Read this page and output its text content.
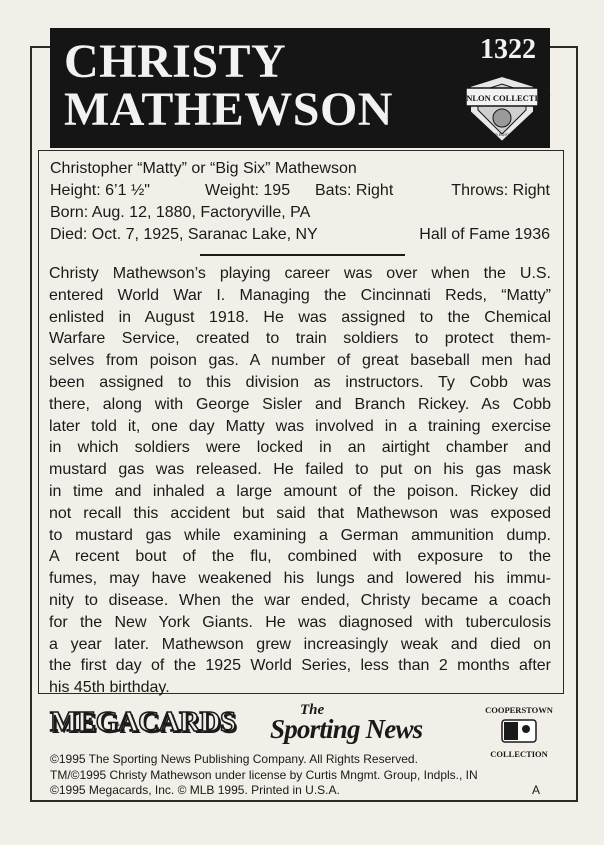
CHRISTY
MATHEWSON
1322
CONLON COLLECTION
1995 EDITION
Christopher “Matty” or “Big Six” Mathewson
Height: 6’1 ½"	Weight: 195 Bats: Right	Throws: Right
Born: Aug. 12, 1880, Factoryville, PA
Died: Oct. 7, 1925, Saranac Lake, NY	Hall of Fame 1936
Christy Mathewson’s playing career was over when the U.S.
entered World War I. Managing the Cincinnati Reds, “Matty”
enlisted in August 1918. He was assigned to the Chemical
Warfare Service, created to train soldiers to protect them-
selves from poison gas. A number of great baseball men had
been assigned to this division as instructors. Ty Cobb was
there, along with George Sisler and Branch Rickey. As Cobb
later told it, one day Matty was involved in a training exercise
in which soldiers were locked in an airtight chamber and
mustard gas was released. He failed to put on his gas mask
in time and inhaled a large amount of the poison. Rickey did
not recall this accident but said that Mathewson was exposed
to mustard gas while examining a German ammunition dump.
A recent bout of the flu, combined with exposure to the
fumes, may have weakened his lungs and lowered his immu-
nity to disease. When the war ended, Christy became a coach
for the New York Giants. He was diagnosed with tuberculosis
a year later. Mathewson grew increasingly weak and died on
the first day of the 1925 World Series, less than 2 months after
his 45th birthday.
MEGACARDS	The
Sporting News
COOPERSTOWN
COLLECTION
©1995 The Sporting News Publishing Company. All Rights Reserved.
TM/©1995 Christy Mathewson under license by Curtis Mngmt. Group, Indpls., IN
©1995 Megacards, Inc. © MLB 1995. Printed in U.S.A.	A
